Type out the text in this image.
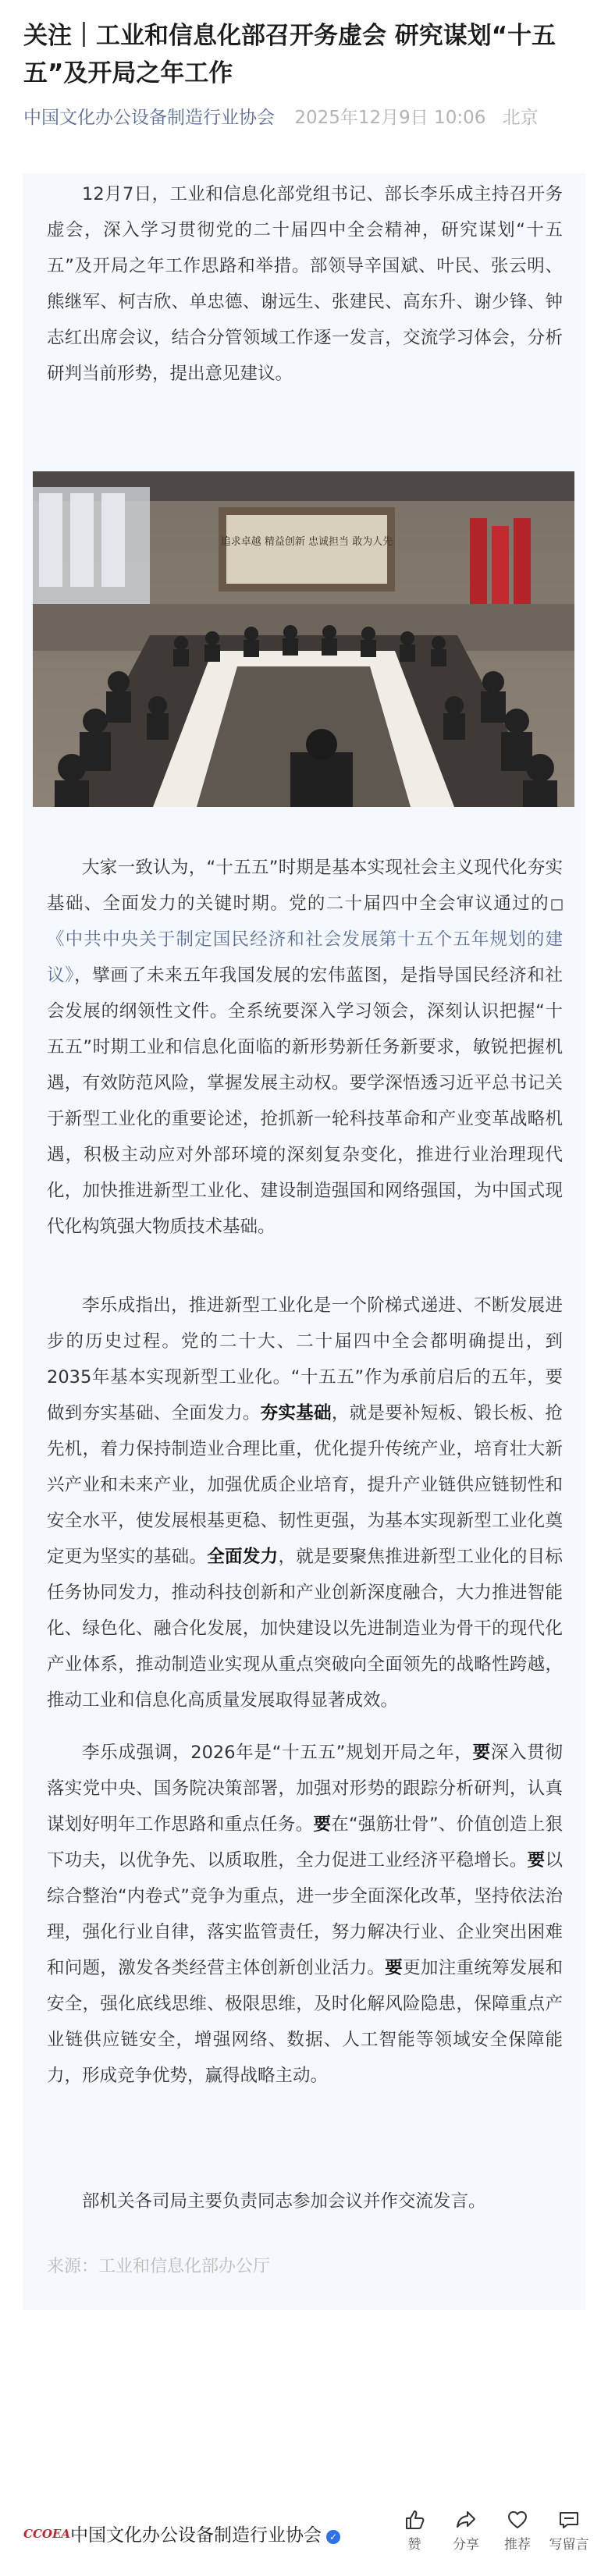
关注｜工业和信息化部召开务虚会 研究谋划“十五五”及开局之年工作
中国文化办公设备制造行业协会 2025年12月9日 10:06 北京

12月7日，工业和信息化部党组书记、部长李乐成主持召开务虚会，深入学习贯彻党的二十届四中全会精神，研究谋划“十五五”及开局之年工作思路和举措。部领导辛国斌、叶民、张云明、熊继军、柯吉欣、单忠德、谢远生、张建民、高东升、谢少锋、钟志红出席会议，结合分管领域工作逐一发言，交流学习体会，分析研判当前形势，提出意见建议。

追求卓越 精益创新 忠诚担当 敢为人先

大家一致认为，“十五五”时期是基本实现社会主义现代化夯实基础、全面发力的关键时期。党的二十届四中全会审议通过的《中共中央关于制定国民经济和社会发展第十五个五年规划的建议》，擘画了未来五年我国发展的宏伟蓝图，是指导国民经济和社会发展的纲领性文件。全系统要深入学习领会，深刻认识把握“十五五”时期工业和信息化面临的新形势新任务新要求，敏锐把握机遇，有效防范风险，掌握发展主动权。要学深悟透习近平总书记关于新型工业化的重要论述，抢抓新一轮科技革命和产业变革战略机遇，积极主动应对外部环境的深刻复杂变化，推进行业治理现代化，加快推进新型工业化、建设制造强国和网络强国，为中国式现代化构筑强大物质技术基础。

李乐成指出，推进新型工业化是一个阶梯式递进、不断发展进步的历史过程。党的二十大、二十届四中全会都明确提出，到2035年基本实现新型工业化。“十五五”作为承前启后的五年，要做到夯实基础、全面发力。夯实基础，就是要补短板、锻长板、抢先机，着力保持制造业合理比重，优化提升传统产业，培育壮大新兴产业和未来产业，加强优质企业培育，提升产业链供应链韧性和安全水平，使发展根基更稳、韧性更强，为基本实现新型工业化奠定更为坚实的基础。全面发力，就是要聚焦推进新型工业化的目标任务协同发力，推动科技创新和产业创新深度融合，大力推进智能化、绿色化、融合化发展，加快建设以先进制造业为骨干的现代化产业体系，推动制造业实现从重点突破向全面领先的战略性跨越，推动工业和信息化高质量发展取得显著成效。

李乐成强调，2026年是“十五五”规划开局之年，要深入贯彻落实党中央、国务院决策部署，加强对形势的跟踪分析研判，认真谋划好明年工作思路和重点任务。要在“强筋壮骨”、价值创造上狠下功夫，以优争先、以质取胜，全力促进工业经济平稳增长。要以综合整治“内卷式”竞争为重点，进一步全面深化改革，坚持依法治理，强化行业自律，落实监管责任，努力解决行业、企业突出困难和问题，激发各类经营主体创新创业活力。要更加注重统筹发展和安全，强化底线思维、极限思维，及时化解风险隐患，保障重点产业链供应链安全，增强网络、数据、人工智能等领域安全保障能力，形成竞争优势，赢得战略主动。

部机关各司局主要负责同志参加会议并作交流发言。

来源：工业和信息化部办公厅

CCOEA 中国文化办公设备制造行业协会 ✓	赞	分享	推荐	写留言
